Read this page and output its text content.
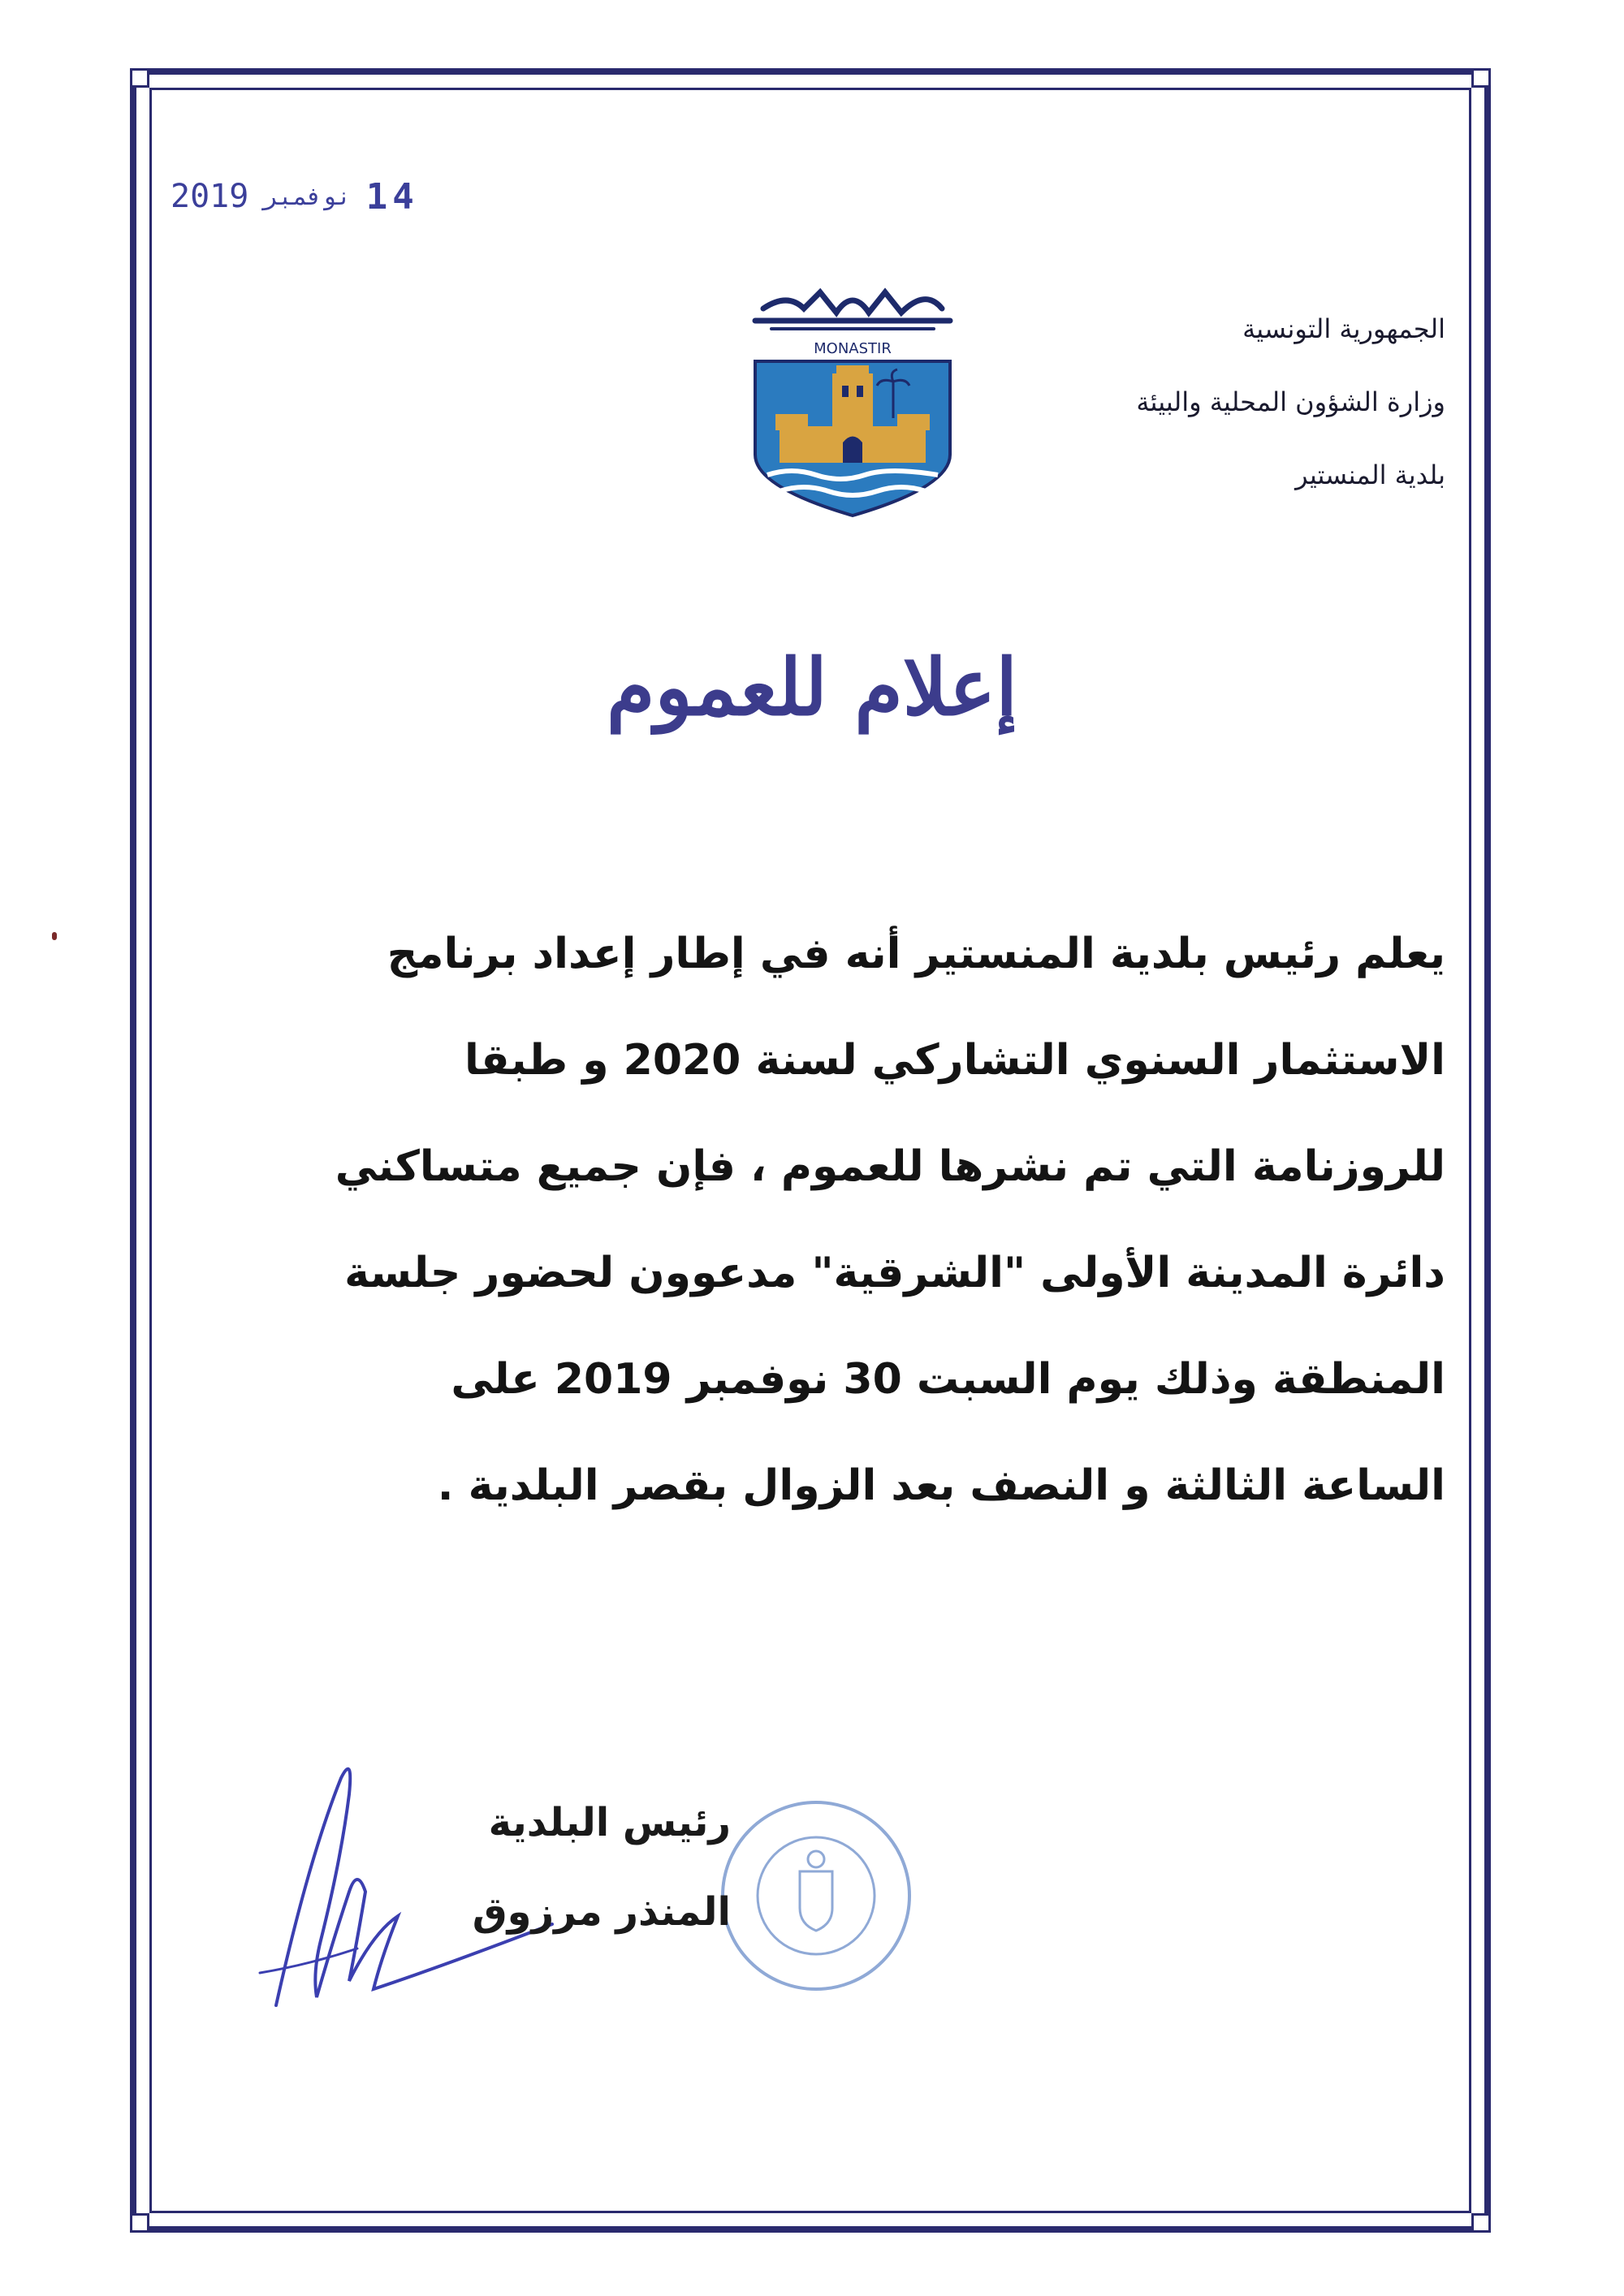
2019 نوفمبر 14
الجمهورية التونسية
وزارة الشؤون المحلية والبيئة
بلدية المنستير
MONASTIR
إعلام للعموم
يعلم رئيس بلدية المنستير أنه في إطار إعداد برنامج
الاستثمار السنوي التشاركي لسنة 2020 و طبقا
للروزنامة التي تم نشرها للعموم ، فإن جميع متساكني
دائرة المدينة الأولى "الشرقية" مدعوون لحضور جلسة
المنطقة وذلك يوم السبت 30 نوفمبر 2019 على
الساعة الثالثة و النصف بعد الزوال بقصر البلدية .
رئيس البلدية
المنذر مرزوق
